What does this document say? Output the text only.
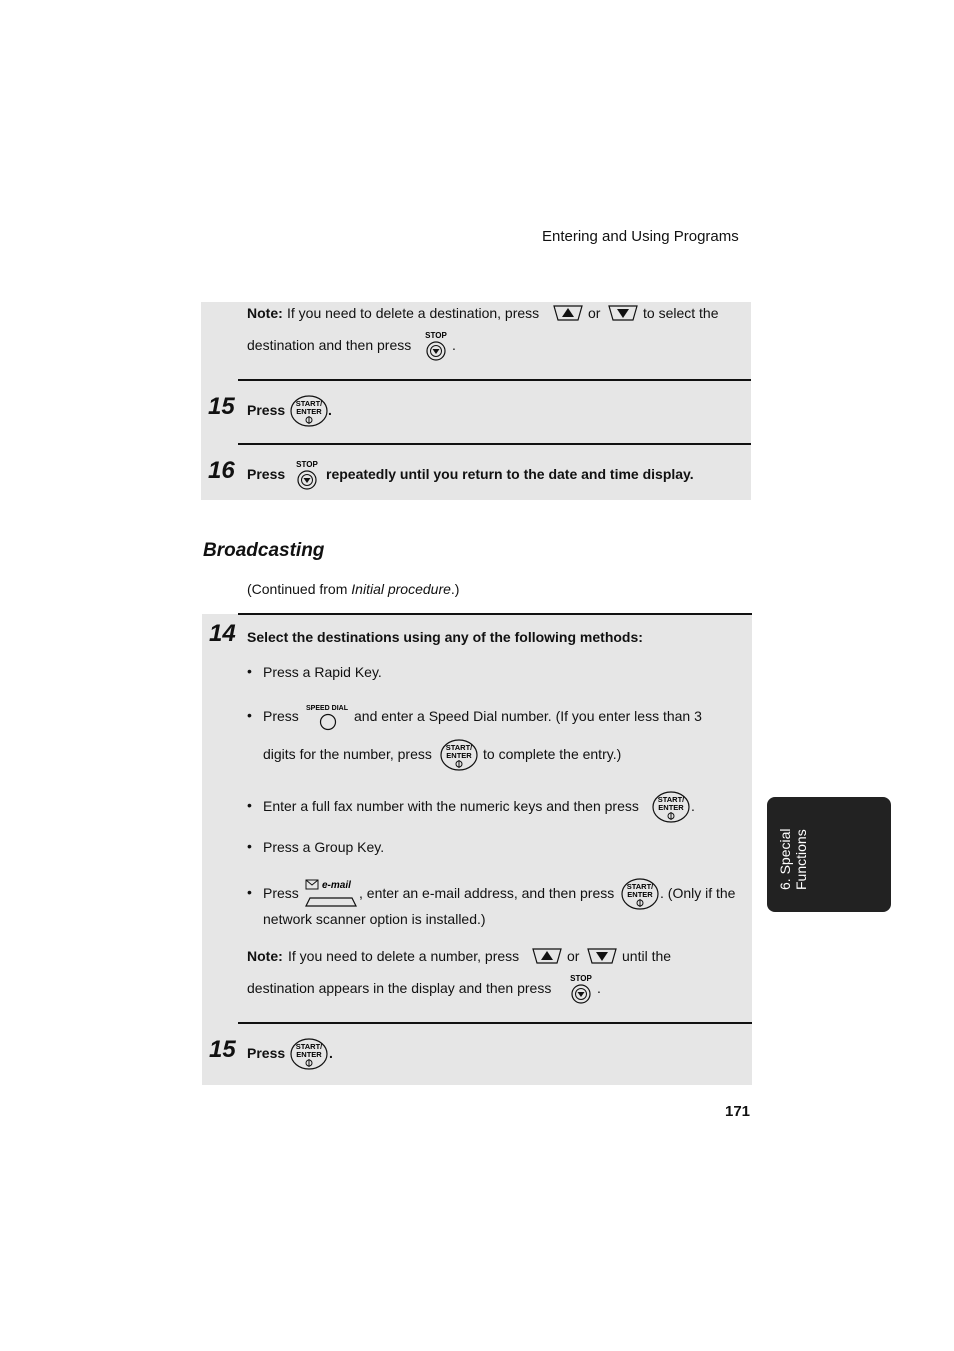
Entering and Using Programs
Note: If you need to delete a destination, press	or	to select the
destination and then press
STOP
.
15 Press START/
ENTER .
16 Press
STOP
repeatedly until you return to the date and time display.
Broadcasting
(Continued from Initial procedure.)
14 Select the destinations using any of the following methods:
• Press a Rapid Key.
• Press SPEED DIAL and enter a Speed Dial number. (If you enter less than 3
digits for the number, press START/
ENTER to complete the entry.)
• Enter a full fax number with the numeric keys and then press	START/
ENTER .
• Press a Group Key.
• Press e-mail , enter an e-mail address, and then press START/
ENTER . (Only if the
network scanner option is installed.)
Note: If you need to delete a number, press	or	until the
destination appears in the display and then press
STOP
.
15 Press START/
ENTER .
6. Special Functions
171
